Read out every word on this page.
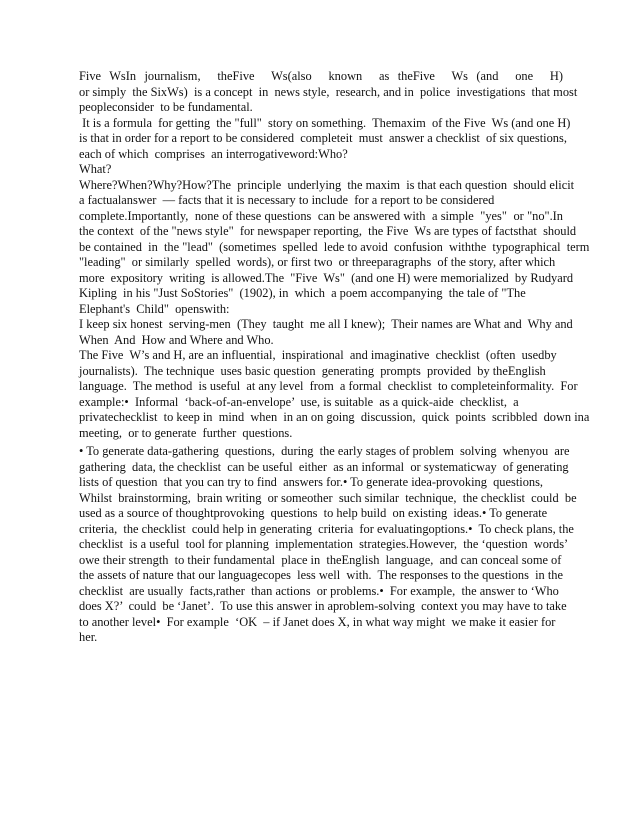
Five WsIn journalism,  theFive  Ws(also  known  as theFive  Ws (and  one  H)
or simply  the SixWs)  is a concept  in  news style,  research, and in  police  investigations  that most
peopleconsider  to be fundamental.
It is a formula  for getting  the "full"  story on something.  Themaxim  of the Five  Ws (and one H)
is that in order for a report to be considered  completeit  must  answer a checklist  of six questions,
each of which  comprises  an interrogativeword:Who?
What?
Where?When?Why?How?The  principle  underlying  the maxim  is that each question  should elicit
a factualanswer  — facts that it is necessary to include  for a report to be considered
complete.Importantly,  none of these questions  can be answered with  a simple  "yes"  or "no".In
the context  of the "news style"  for newspaper reporting,  the Five  Ws are types of factsthat  should
be contained  in  the "lead"  (sometimes  spelled  lede to avoid  confusion  withthe  typographical  term
"leading"  or similarly  spelled  words), or first two  or threeparagraphs  of the story, after which
more  expository  writing  is allowed.The  "Five  Ws"  (and one H) were memorialized  by Rudyard
Kipling  in his "Just SoStories"  (1902), in  which  a poem accompanying  the tale of "The
Elephant's  Child"  openswith:
I keep six honest  serving-men  (They  taught  me all I knew);  Their names are What and  Why and
When  And  How and Where and Who.
The Five  W’s and H, are an influential,  inspirational  and imaginative  checklist  (often  usedby
journalists).  The technique  uses basic question  generating  prompts  provided  by theEnglish
language.  The method  is useful  at any level  from  a formal  checklist  to completeinformality.  For
example:•  Informal  ‘back-of-an-envelope’  use, is suitable  as a quick-aide  checklist,  a
privatechecklist  to keep in  mind  when  in an on going  discussion,  quick  points  scribbled  down ina
meeting,  or to generate  further  questions.
• To generate data-gathering  questions,  during  the early stages of problem  solving  whenyou  are
gathering  data, the checklist  can be useful  either  as an informal  or systematicway  of generating
lists of question  that you can try to find  answers for.• To generate idea-provoking  questions,
Whilst  brainstorming,  brain writing  or someother  such similar  technique,  the checklist  could  be
used as a source of thoughtprovoking  questions  to help build  on existing  ideas.• To generate
criteria,  the checklist  could help in generating  criteria  for evaluatingoptions.•  To check plans, the
checklist  is a useful  tool for planning  implementation  strategies.However,  the ‘question  words’
owe their strength  to their fundamental  place in  theEnglish  language,  and can conceal some of
the assets of nature that our languagecopes  less well  with.  The responses to the questions  in the
checklist  are usually  facts,rather  than actions  or problems.•  For example,  the answer to ‘Who
does X?’  could  be ‘Janet’.  To use this answer in aproblem-solving  context you may have to take
to another level•  For example  ‘OK  – if Janet does X, in what way might  we make it easier for
her.
